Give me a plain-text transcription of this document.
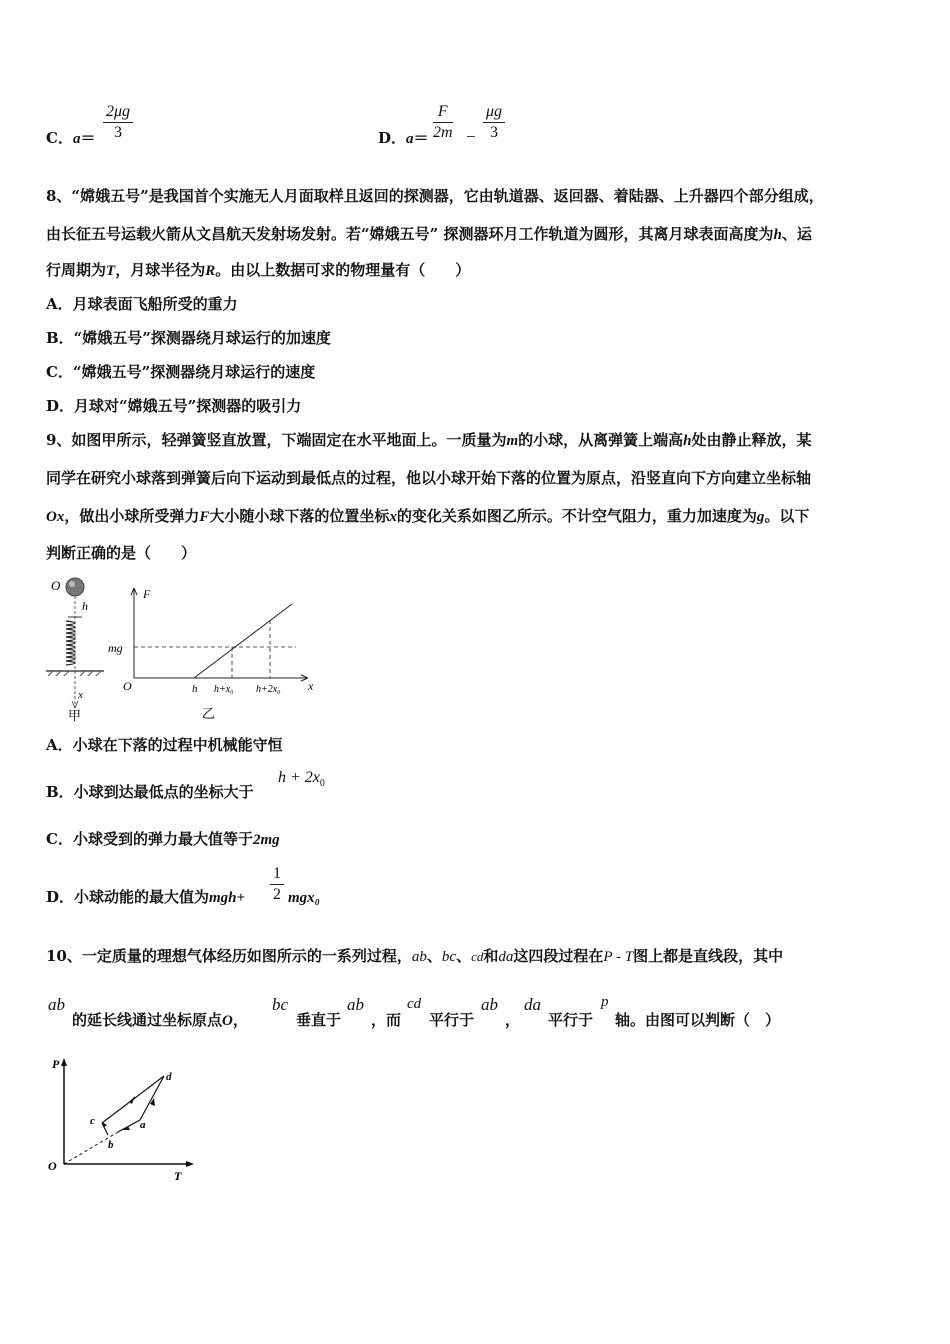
C．$a= \frac{2\mu g}{3}$	D．$a= \frac{F}{2m} - \frac{\mu g}{3}$
8、“嫦娥五号”是我国首个实施无人月面取样且返回的探测器，它由轨道器、返回器、着陆器、上升器四个部分组成，
由长征五号运载火箭从文昌航天发射场发射。若“嫦娥五号” 探测器环月工作轨道为圆形，其离月球表面高度为h、运
行周期为T，月球半径为R。由以上数据可求的物理量有（　　）
A．月球表面飞船所受的重力
B．“嫦娥五号”探测器绕月球运行的加速度
C．“嫦娥五号”探测器绕月球运行的速度
D．月球对“嫦娥五号”探测器的吸引力
9、如图甲所示，轻弹簧竖直放置，下端固定在水平地面上。一质量为m的小球，从离弹簧上端高h处由静止释放，某
同学在研究小球落到弹簧后向下运动到最低点的过程，他以小球开始下落的位置为原点，沿竖直向下方向建立坐标轴
Ox，做出小球所受弹力F大小随小球下落的位置坐标x的变化关系如图乙所示。不计空气阻力，重力加速度为g。以下
判断正确的是（　　）
O
h
x
甲
F
x
O
mg
h h+x₀ h+2x₀
乙
A．小球在下落的过程中机械能守恒
B．小球到达最低点的坐标大于
$h + 2x_0$
C．小球受到的弹力最大值等于2mg
D．小球动能的最大值为$mgh+ \frac{1}{2} mgx_0$
10、一定质量的理想气体经历如图所示的一系列过程，ab、bc、cd和da这四段过程在P - T图上都是直线段，其中
ab
的延长线通过坐标原点O，
bc
垂直于
ab
，而
cd
平行于
ab
，
da
平行于
p
轴。由图可以判断（　）
P
T
O
a
b
c
d
